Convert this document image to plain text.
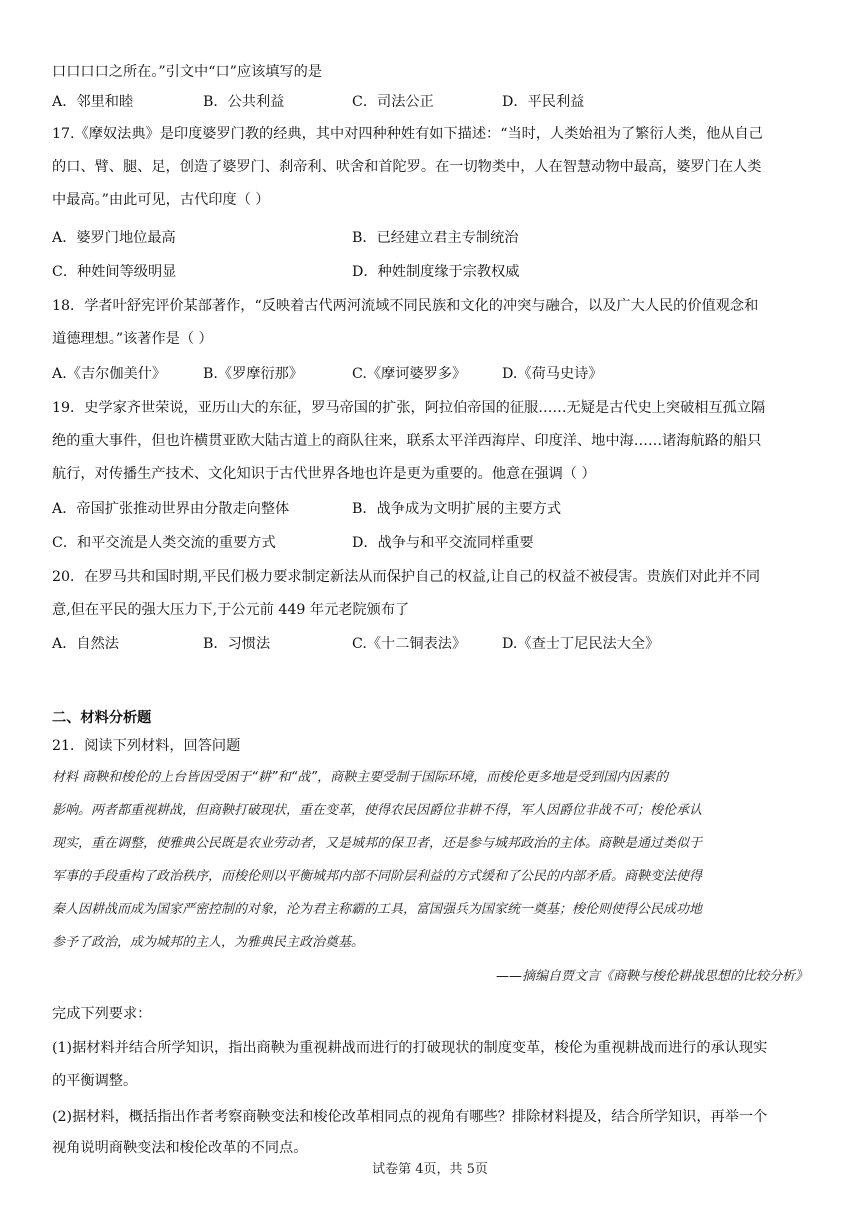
口口口口之所在。”引文中“口”应该填写的是
A．邻里和睦	B．公共利益	C．司法公正	D．平民利益
17.《摩奴法典》是印度婆罗门教的经典，其中对四种种姓有如下描述：“当时，人类始祖为了繁衍人类，他从自己
的口、臂、腿、足，创造了婆罗门、刹帝利、吠舍和首陀罗。在一切物类中，人在智慧动物中最高，婆罗门在人类
中最高。”由此可见，古代印度（ ）
A．婆罗门地位最高	B．已经建立君主专制统治
C．种姓间等级明显	D．种姓制度缘于宗教权威
18．学者叶舒宪评价某部著作，“反映着古代两河流域不同民族和文化的冲突与融合，以及广大人民的价值观念和
道德理想。”该著作是（ ）
A.《吉尔伽美什》	B.《罗摩衍那》	C.《摩诃婆罗多》	D.《荷马史诗》
19．史学家齐世荣说，亚历山大的东征，罗马帝国的扩张，阿拉伯帝国的征服……无疑是古代史上突破相互孤立隔
绝的重大事件，但也许横贯亚欧大陆古道上的商队往来，联系太平洋西海岸、印度洋、地中海……诸海航路的船只
航行，对传播生产技术、文化知识于古代世界各地也许是更为重要的。他意在强调（ ）
A．帝国扩张推动世界由分散走向整体	B．战争成为文明扩展的主要方式
C．和平交流是人类交流的重要方式	D．战争与和平交流同样重要
20．在罗马共和国时期,平民们极力要求制定新法从而保护自己的权益,让自己的权益不被侵害。贵族们对此并不同
意,但在平民的强大压力下,于公元前 449 年元老院颁布了
A．自然法	B．习惯法	C.《十二铜表法》	D.《查士丁尼民法大全》
二、材料分析题
21．阅读下列材料，回答问题
材料 商鞅和梭伦的上台皆因受困于“耕”和“战”，商鞅主要受制于国际环境，而梭伦更多地是受到国内因素的
影响。两者都重视耕战，但商鞅打破现状，重在变革，使得农民因爵位非耕不得，军人因爵位非战不可；梭伦承认
现实，重在调整，使雅典公民既是农业劳动者，又是城邦的保卫者，还是参与城邦政治的主体。商鞅是通过类似于
军事的手段重构了政治秩序，而梭伦则以平衡城邦内部不同阶层利益的方式缓和了公民的内部矛盾。商鞅变法使得
秦人因耕战而成为国家严密控制的对象，沦为君主称霸的工具，富国强兵为国家统一奠基；梭伦则使得公民成功地
参予了政治，成为城邦的主人，为雅典民主政治奠基。
——摘编自贾文言《商鞅与梭伦耕战思想的比较分析》
完成下列要求：
(1)据材料并结合所学知识，指出商鞅为重视耕战而进行的打破现状的制度变革，梭伦为重视耕战而进行的承认现实
的平衡调整。
(2)据材料，概括指出作者考察商鞅变法和梭伦改革相同点的视角有哪些？排除材料提及，结合所学知识，再举一个
视角说明商鞅变法和梭伦改革的不同点。
试卷第 4页，共 5页
